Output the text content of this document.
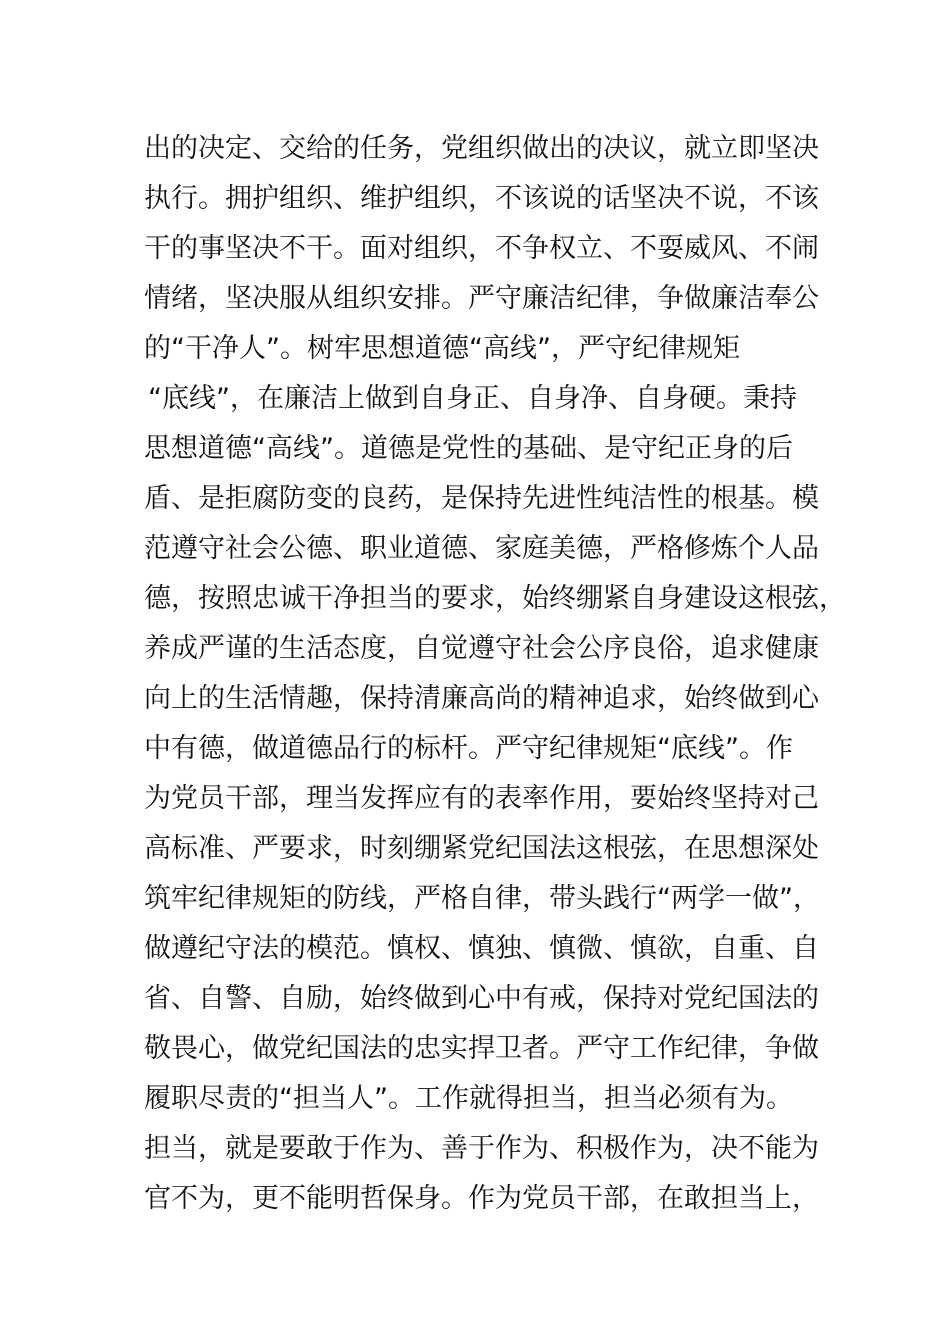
出的决定、交给的任务，党组织做出的决议，就立即坚决
执行。拥护组织、维护组织，不该说的话坚决不说，不该
干的事坚决不干。面对组织，不争权立、不耍威风、不闹
情绪，坚决服从组织安排。严守廉洁纪律，争做廉洁奉公
的“干净人”。树牢思想道德“高线”，严守纪律规矩
“底线”，在廉洁上做到自身正、自身净、自身硬。秉持
思想道德“高线”。道德是党性的基础、是守纪正身的后
盾、是拒腐防变的良药，是保持先进性纯洁性的根基。模
范遵守社会公德、职业道德、家庭美德，严格修炼个人品
德，按照忠诚干净担当的要求，始终绷紧自身建设这根弦，
养成严谨的生活态度，自觉遵守社会公序良俗，追求健康
向上的生活情趣，保持清廉高尚的精神追求，始终做到心
中有德，做道德品行的标杆。严守纪律规矩“底线”。作
为党员干部，理当发挥应有的表率作用，要始终坚持对己
高标准、严要求，时刻绷紧党纪国法这根弦，在思想深处
筑牢纪律规矩的防线，严格自律，带头践行“两学一做”，
做遵纪守法的模范。慎权、慎独、慎微、慎欲，自重、自
省、自警、自励，始终做到心中有戒，保持对党纪国法的
敬畏心，做党纪国法的忠实捍卫者。严守工作纪律，争做
履职尽责的“担当人”。工作就得担当，担当必须有为。
担当，就是要敢于作为、善于作为、积极作为，决不能为
官不为，更不能明哲保身。作为党员干部，在敢担当上，
